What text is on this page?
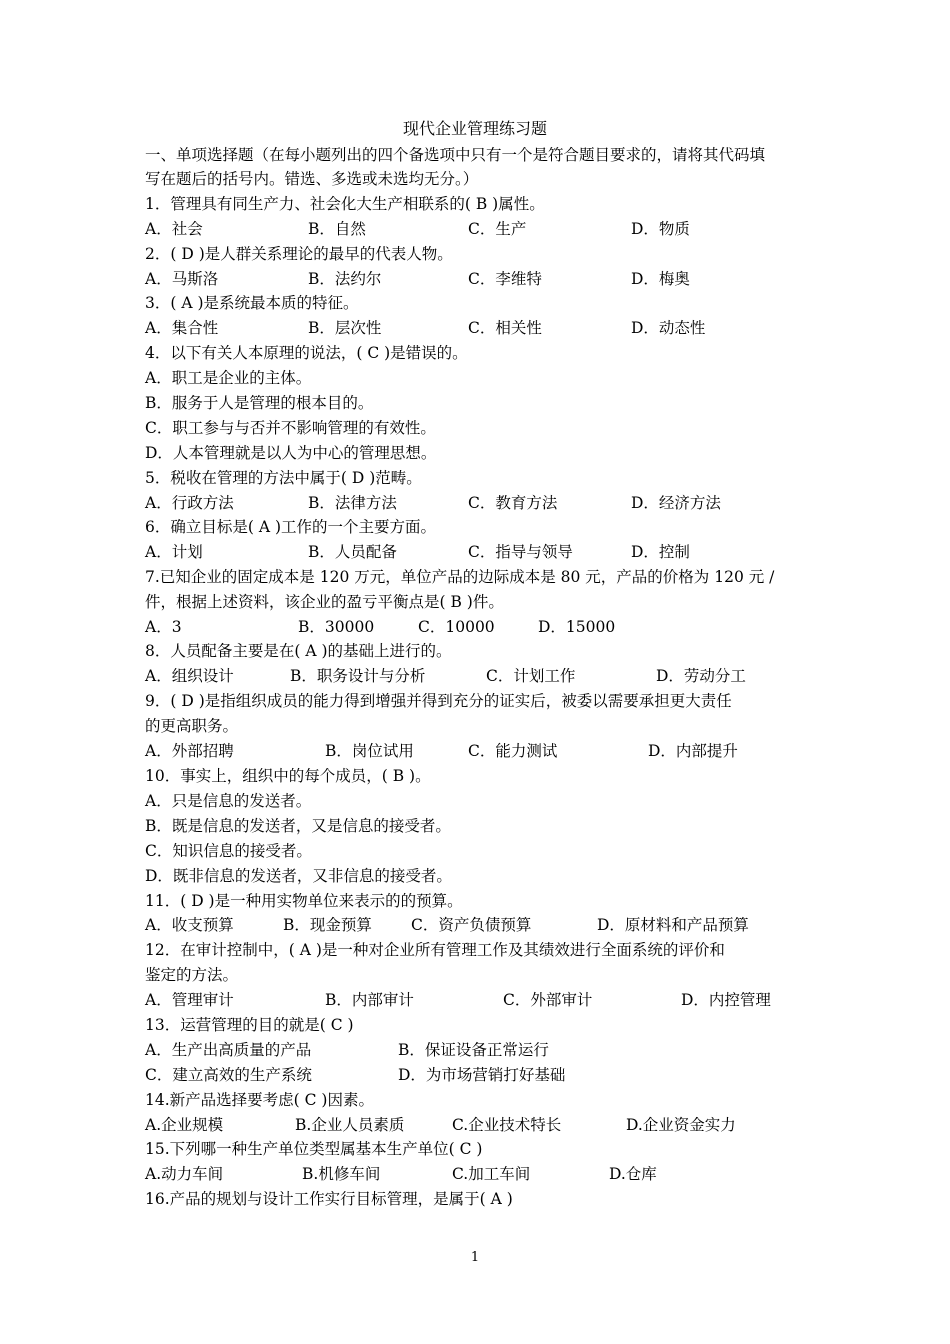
现代企业管理练习题
一、单项选择题（在每小题列出的四个备选项中只有一个是符合题目要求的，请将其代码填
写在题后的括号内。错选、多选或未选均无分。）
1．管理具有同生产力、社会化大生产相联系的( B )属性。
A．社会	B．自然	C．生产	D．物质
2．( D )是人群关系理论的最早的代表人物。
A．马斯洛	B．法约尔	C．李维特	D．梅奥
3．( A )是系统最本质的特征。
A．集合性	B．层次性	C．相关性	D．动态性
4．以下有关人本原理的说法，( C )是错误的。
A．职工是企业的主体。
B．服务于人是管理的根本目的。
C．职工参与与否并不影响管理的有效性。
D．人本管理就是以人为中心的管理思想。
5．税收在管理的方法中属于( D )范畴。
A．行政方法	B．法律方法	C．教育方法	D．经济方法
6．确立目标是( A )工作的一个主要方面。
A．计划	B．人员配备	C．指导与领导	D．控制
7.已知企业的固定成本是 120 万元，单位产品的边际成本是 80 元，产品的价格为 120 元 /
件，根据上述资料，该企业的盈亏平衡点是( B )件。
A．3	B．30000	C．10000	D．15000
8．人员配备主要是在( A )的基础上进行的。
A．组织设计	B．职务设计与分析	C．计划工作	D．劳动分工
9．( D )是指组织成员的能力得到增强并得到充分的证实后，被委以需要承担更大责任
的更高职务。
A．外部招聘	B．岗位试用	C．能力测试	D．内部提升
10．事实上，组织中的每个成员，( B )。
A．只是信息的发送者。
B．既是信息的发送者，又是信息的接受者。
C．知识信息的接受者。
D．既非信息的发送者，又非信息的接受者。
11．( D )是一种用实物单位来表示的的预算。
A．收支预算	B．现金预算	C．资产负债预算	D．原材料和产品预算
12．在审计控制中，( A )是一种对企业所有管理工作及其绩效进行全面系统的评价和
鉴定的方法。
A．管理审计	B．内部审计	C．外部审计	D．内控管理
13．运营管理的目的就是( C )
A．生产出高质量的产品	B．保证设备正常运行
C．建立高效的生产系统	D．为市场营销打好基础
14.新产品选择要考虑( C )因素。
A.企业规模	B.企业人员素质	C.企业技术特长	D.企业资金实力
15.下列哪一种生产单位类型属基本生产单位( C )
A.动力车间	B.机修车间	C.加工车间	D.仓库
16.产品的规划与设计工作实行目标管理，是属于( A )
1
